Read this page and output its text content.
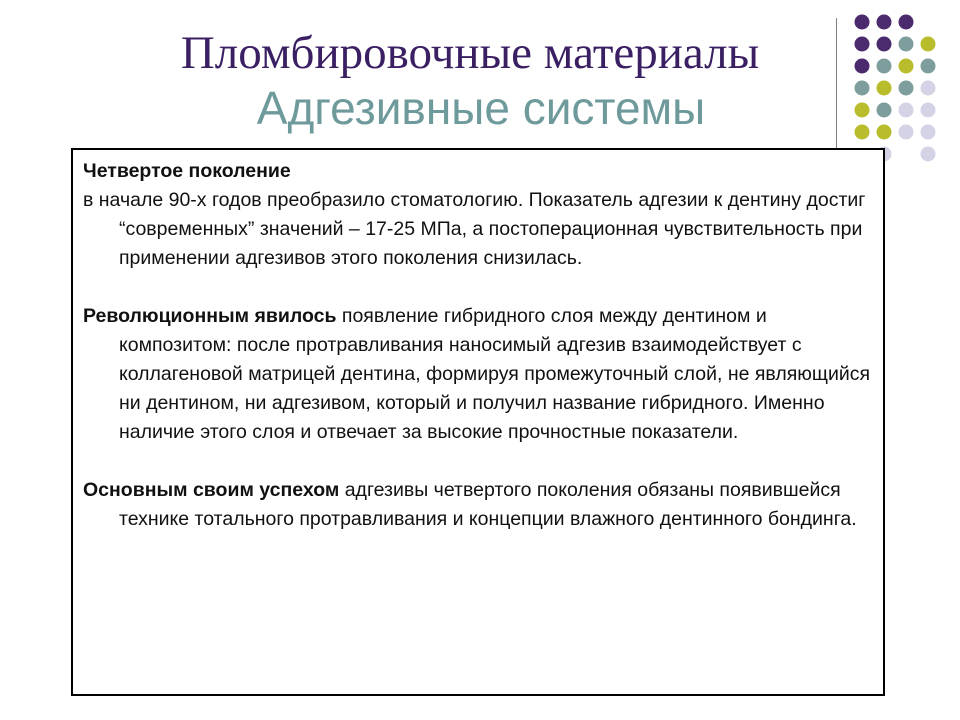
Пломбировочные материалы
Адгезивные системы

Четвертое поколение

в начале 90-х годов преобразило стоматологию. Показатель адгезии к дентину достиг “современных” значений – 17-25 МПа, а постоперационная чувствительность при применении адгезивов этого поколения снизилась.

Революционным явилось появление гибридного слоя между дентином и композитом: после протравливания наносимый адгезив взаимодействует с коллагеновой матрицей дентина, формируя промежуточный слой, не являющийся ни дентином, ни адгезивом, который и получил название гибридного. Именно наличие этого слоя и отвечает за высокие прочностные показатели.

Основным своим успехом адгезивы четвертого поколения обязаны появившейся технике тотального протравливания и концепции влажного дентинного бондинга.
